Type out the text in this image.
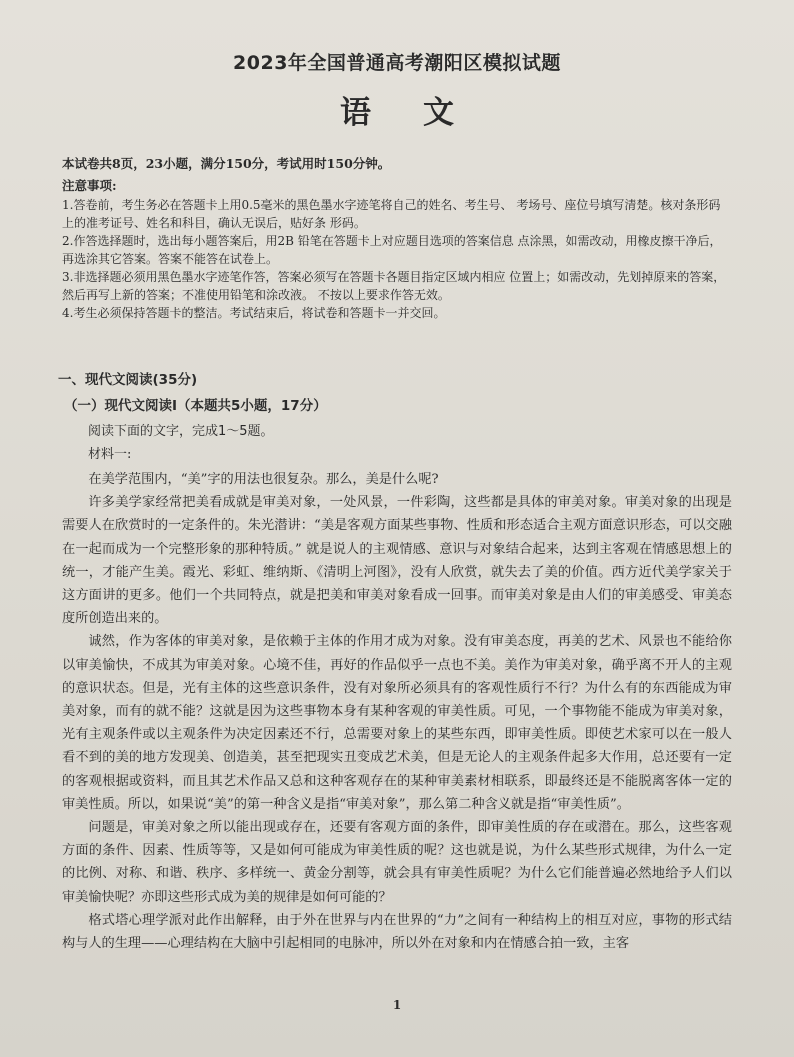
2023年全国普通高考潮阳区模拟试题
语文

本试卷共8页，23小题，满分150分，考试用时150分钟。

注意事项:

1.答卷前，考生务必在答题卡上用0.5毫米的黑色墨水字迹笔将自己的姓名、考生号、 考场号、座位号填写清楚。核对条形码上的准考证号、姓名和科目，确认无误后，贴好条 形码。

2.作答选择题时，选出每小题答案后，用2B 铅笔在答题卡上对应题目选项的答案信息 点涂黑，如需改动，用橡皮擦干净后，再选涂其它答案。答案不能答在试卷上。

3.非选择题必须用黑色墨水字迹笔作答，答案必须写在答题卡各题目指定区域内相应 位置上；如需改动，先划掉原来的答案，然后再写上新的答案；不准使用铅笔和涂改液。 不按以上要求作答无效。

4.考生必须保持答题卡的整洁。考试结束后，将试卷和答题卡一并交回。

一、现代文阅读(35分)
（一）现代文阅读Ⅰ（本题共5小题，17分）
阅读下面的文字，完成1～5题。
材料一:

在美学范围内，“美”字的用法也很复杂。那么，美是什么呢?

许多美学家经常把美看成就是审美对象，一处风景，一件彩陶，这些都是具体的审美对象。审美对象的出现是需要人在欣赏时的一定条件的。朱光潜讲：“美是客观方面某些事物、性质和形态适合主观方面意识形态，可以交融在一起而成为一个完整形象的那种特质。” 就是说人的主观情感、意识与对象结合起来，达到主客观在情感思想上的统一，才能产生美。霞光、彩虹、维纳斯、《清明上河图》，没有人欣赏，就失去了美的价值。西方近代美学家关于这方面讲的更多。他们一个共同特点，就是把美和审美对象看成一回事。而审美对象是由人们的审美感受、审美态度所创造出来的。

诚然，作为客体的审美对象，是依赖于主体的作用才成为对象。没有审美态度，再美的艺术、风景也不能给你以审美愉快，不成其为审美对象。心境不佳，再好的作品似乎一点也不美。美作为审美对象，确乎离不开人的主观的意识状态。但是，光有主体的这些意识条件，没有对象所必须具有的客观性质行不行？为什么有的东西能成为审美对象，而有的就不能？这就是因为这些事物本身有某种客观的审美性质。可见，一个事物能不能成为审美对象，光有主观条件或以主观条件为决定因素还不行，总需要对象上的某些东西，即审美性质。即使艺术家可以在一般人看不到的美的地方发现美、创造美，甚至把现实丑变成艺术美，但是无论人的主观条件起多大作用，总还要有一定的客观根据或资料，而且其艺术作品又总和这种客观存在的某种审美素材相联系，即最终还是不能脱离客体一定的审美性质。所以，如果说“美”的第一种含义是指“审美对象”，那么第二种含义就是指“审美性质”。

问题是，审美对象之所以能出现或存在，还要有客观方面的条件，即审美性质的存在或潜在。那么，这些客观方面的条件、因素、性质等等，又是如何可能成为审美性质的呢？这也就是说，为什么某些形式规律，为什么一定的比例、对称、和谐、秩序、多样统一、黄金分割等，就会具有审美性质呢？为什么它们能普遍必然地给予人们以审美愉快呢？亦即这些形式成为美的规律是如何可能的？

格式塔心理学派对此作出解释，由于外在世界与内在世界的“力”之间有一种结构上的相互对应，事物的形式结构与人的生理——心理结构在大脑中引起相同的电脉冲，所以外在对象和内在情感合拍一致，主客

1
